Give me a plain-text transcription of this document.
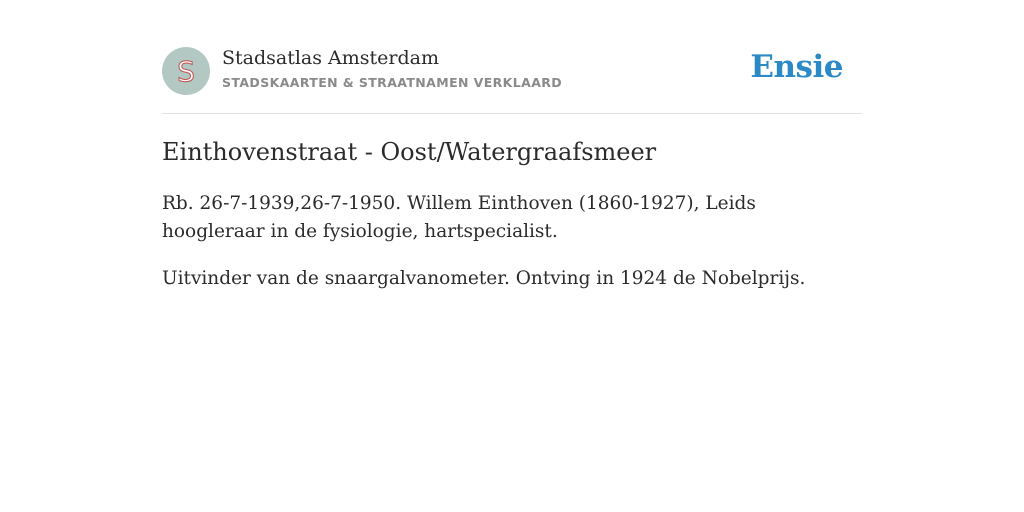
S Stadsatlas Amsterdam
STADSKAARTEN & STRAATNAMEN VERKLAARD	Ensie
Einthovenstraat - Oost/Watergraafsmeer

Rb. 26-7-1939,26-7-1950. Willem Einthoven (1860-1927), Leids hoogleraar in de fysiologie, hartspecialist.

Uitvinder van de snaargalvanometer. Ontving in 1924 de Nobelprijs.
